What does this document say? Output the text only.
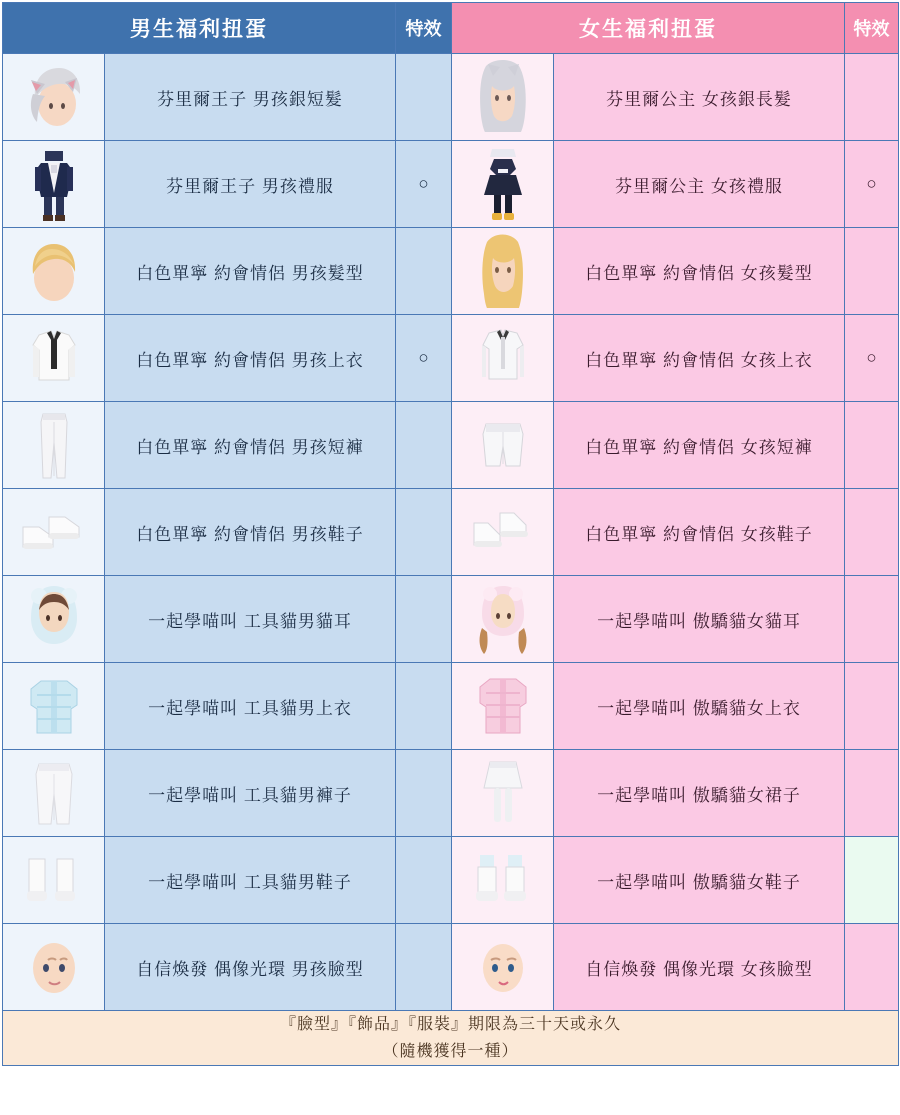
男生福利扭蛋		特效	女生福利扭蛋		特效

	芬里爾王子 男孩銀短髮			芬里爾公主 女孩銀長髮	

	芬里爾王子 男孩禮服	○		芬里爾公主 女孩禮服	○

	白色單寧 約會情侶 男孩髮型			白色單寧 約會情侶 女孩髮型	

	白色單寧 約會情侶 男孩上衣	○		白色單寧 約會情侶 女孩上衣	○

	白色單寧 約會情侶 男孩短褲			白色單寧 約會情侶 女孩短褲	

	白色單寧 約會情侶 男孩鞋子			白色單寧 約會情侶 女孩鞋子	

	一起學喵叫 工具貓男貓耳			一起學喵叫 傲驕貓女貓耳	

	一起學喵叫 工具貓男上衣			一起學喵叫 傲驕貓女上衣	

	一起學喵叫 工具貓男褲子			一起學喵叫 傲驕貓女裙子	

	一起學喵叫 工具貓男鞋子			一起學喵叫 傲驕貓女鞋子	

	自信煥發 偶像光環 男孩臉型			自信煥發 偶像光環 女孩臉型	

『臉型』『飾品』『服裝』期限為三十天或永久
（隨機獲得一種）					
